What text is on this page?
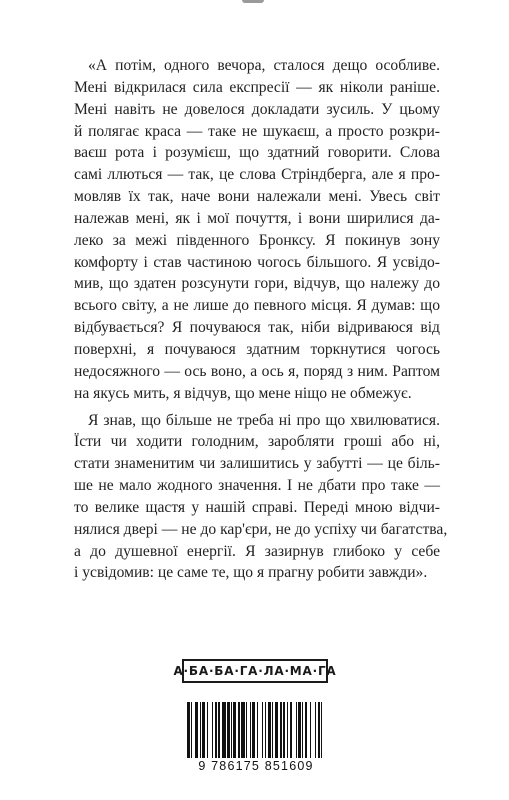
«А потім, одного вечора, сталося дещо особливе.
Мені відкрилася сила експресії — як ніколи раніше.
Мені навіть не довелося докладати зусиль. У цьому
й полягає краса — таке не шукаєш, а просто розкри-
ваєш рота і розумієш, що здатний говорити. Слова
самі ллються — так, це слова Стріндберга, але я про-
мовляв їх так, наче вони належали мені. Увесь світ
належав мені, як і мої почуття, і вони ширилися да-
леко за межі південного Бронксу. Я покинув зону
комфорту і став частиною чогось більшого. Я усвідо-
мив, що здатен розсунути гори, відчув, що належу до
всього світу, а не лише до певного місця. Я думав: що
відбувається? Я почуваюся так, ніби відриваюся від
поверхні, я почуваюся здатним торкнутися чогось
недосяжного — ось воно, а ось я, поряд з ним. Раптом
на якусь мить, я відчув, що мене ніщо не обмежує.
Я знав, що більше не треба ні про що хвилюватися.
Їсти чи ходити голодним, заробляти гроші або ні,
стати знаменитим чи залишитись у забутті — це біль-
ше не мало жодного значення. І не дбати про таке —
то велике щастя у нашій справі. Переді мною відчи-
нялися двері — не до кар'єри, не до успіху чи багатства,
а до душевної енергії. Я зазирнув глибоко у себе
і усвідомив: це саме те, що я прагну робити завжди».
А·БА·БА·ГА·ЛА·МА·ГА
9 786175 851609
